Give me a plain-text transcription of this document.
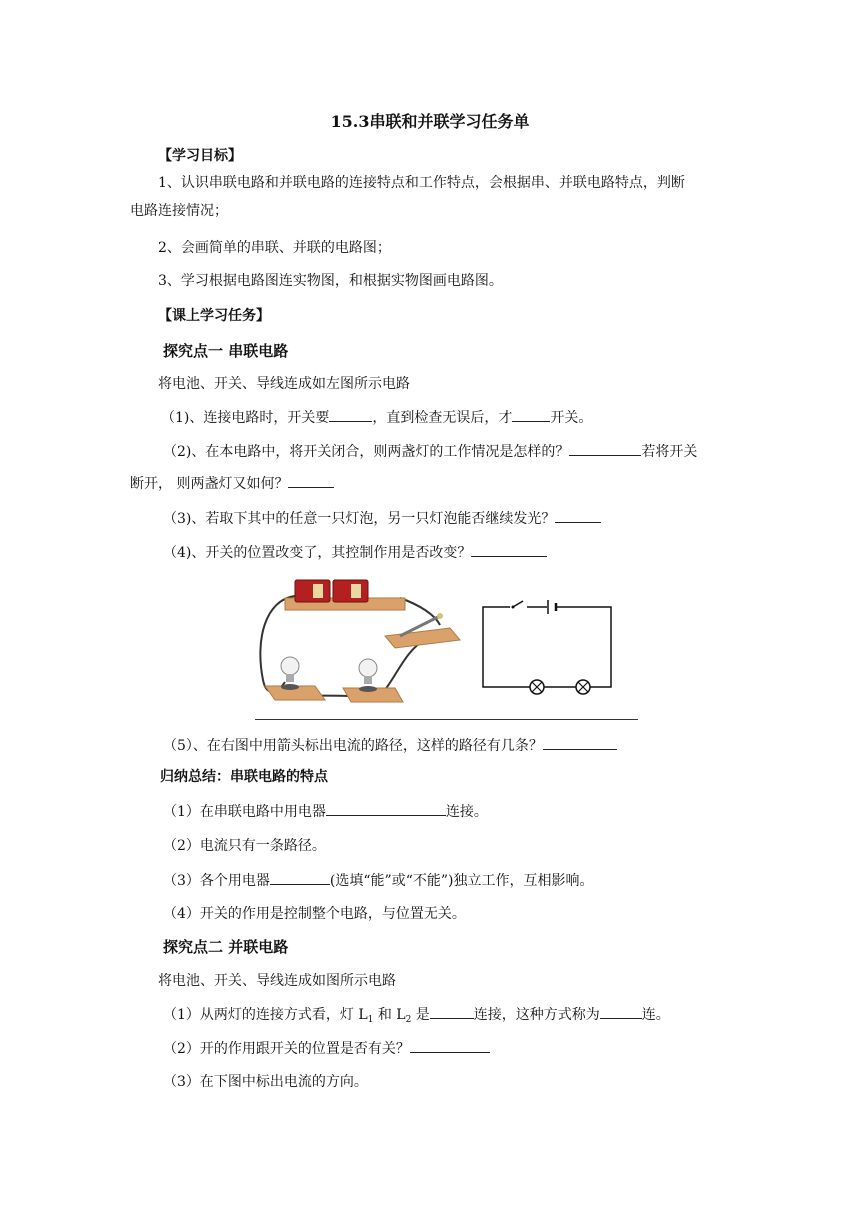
15.3串联和并联学习任务单
【学习目标】
1、认识串联电路和并联电路的连接特点和工作特点，会根据串、并联电路特点，判断
电路连接情况；
2、会画简单的串联、并联的电路图；
3、学习根据电路图连实物图，和根据实物图画电路图。
【课上学习任务】
探究点一 串联电路
将电池、开关、导线连成如左图所示电路
（1)、连接电路时，开关要	，直到检查无误后，才	开关。
（2)、在本电路中，将开关闭合，则两盏灯的工作情况是怎样的？	若将开关
断开， 则两盏灯又如何？
（3)、若取下其中的任意一只灯泡，另一只灯泡能否继续发光？
（4)、开关的位置改变了，其控制作用是否改变？
（5）、在右图中用箭头标出电流的路径，这样的路径有几条？
归纳总结：串联电路的特点
（1）在串联电路中用电器	连接。
（2）电流只有一条路径。
（3）各个用电器	(选填“能”或“不能”)独立工作，互相影响。
（4）开关的作用是控制整个电路，与位置无关。
探究点二 并联电路
将电池、开关、导线连成如图所示电路
（1）从两灯的连接方式看，灯 $L_1$ 和 $L_2$ 是	连接，这种方式称为	连。
（2）开的作用跟开关的位置是否有关？
（3）在下图中标出电流的方向。
